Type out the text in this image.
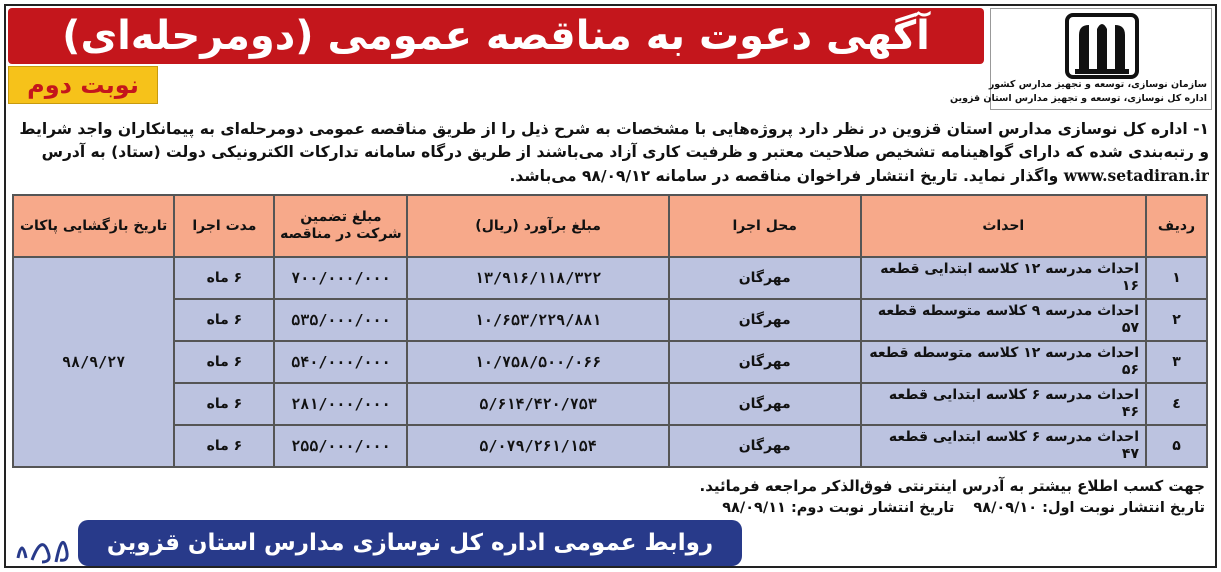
آگهی دعوت به مناقصه عمومی (دومرحله‌ای)
سازمان نوسازی، توسعه و تجهیز مدارس کشور
اداره کل نوسازی، توسعه و تجهیز مدارس استان قزوین
نوبت دوم

۱- اداره کل نوسازی مدارس استان قزوین در نظر دارد پروژه‌هایی با مشخصات به شرح ذیل را از طریق مناقصه عمومی دومرحله‌ای به پیمانکاران واجد شرایط

و رتبه‌بندی شده که دارای گواهینامه تشخیص صلاحیت معتبر و ظرفیت کاری آزاد می‌باشند از طریق درگاه سامانه تدارکات الکترونیکی دولت (ستاد) به آدرس

www.setadiran.ir واگذار نماید. تاریخ انتشار فراخوان مناقصه در سامانه ۹۸/۰۹/۱۲ می‌باشد.

ردیف	احداث	محل اجرا	مبلغ برآورد (ریال)	مبلغ تضمین شرکت در مناقصه	مدت اجرا	تاریخ بازگشایی پاکات
۱	احداث مدرسه ۱۲ کلاسه ابتدایی قطعه ۱۶	مهرگان	۱۳/۹۱۶/۱۱۸/۳۲۲	۷۰۰/۰۰۰/۰۰۰	۶ ماه	۹۸/۹/۲۷
۲	احداث مدرسه ۹ کلاسه متوسطه قطعه ۵۷	مهرگان	۱۰/۶۵۳/۲۲۹/۸۸۱	۵۳۵/۰۰۰/۰۰۰	۶ ماه	
۳	احداث مدرسه ۱۲ کلاسه متوسطه قطعه ۵۶	مهرگان	۱۰/۷۵۸/۵۰۰/۰۶۶	۵۴۰/۰۰۰/۰۰۰	۶ ماه	
٤	احداث مدرسه ۶ کلاسه ابتدایی قطعه ۴۶	مهرگان	۵/۶۱۴/۴۲۰/۷۵۳	۲۸۱/۰۰۰/۰۰۰	۶ ماه	
۵	احداث مدرسه ۶ کلاسه ابتدایی قطعه ۴۷	مهرگان	۵/۰۷۹/۲۶۱/۱۵۴	۲۵۵/۰۰۰/۰۰۰	۶ ماه	
جهت کسب اطلاع بیشتر به آدرس اینترنتی فوق‌الذکر مراجعه فرمائید.
تاریخ انتشار نوبت اول: ۹۸/۰۹/۱۰ تاریخ انتشار نوبت دوم: ۹۸/۰۹/۱۱
روابط عمومی اداره کل نوسازی مدارس استان قزوین
